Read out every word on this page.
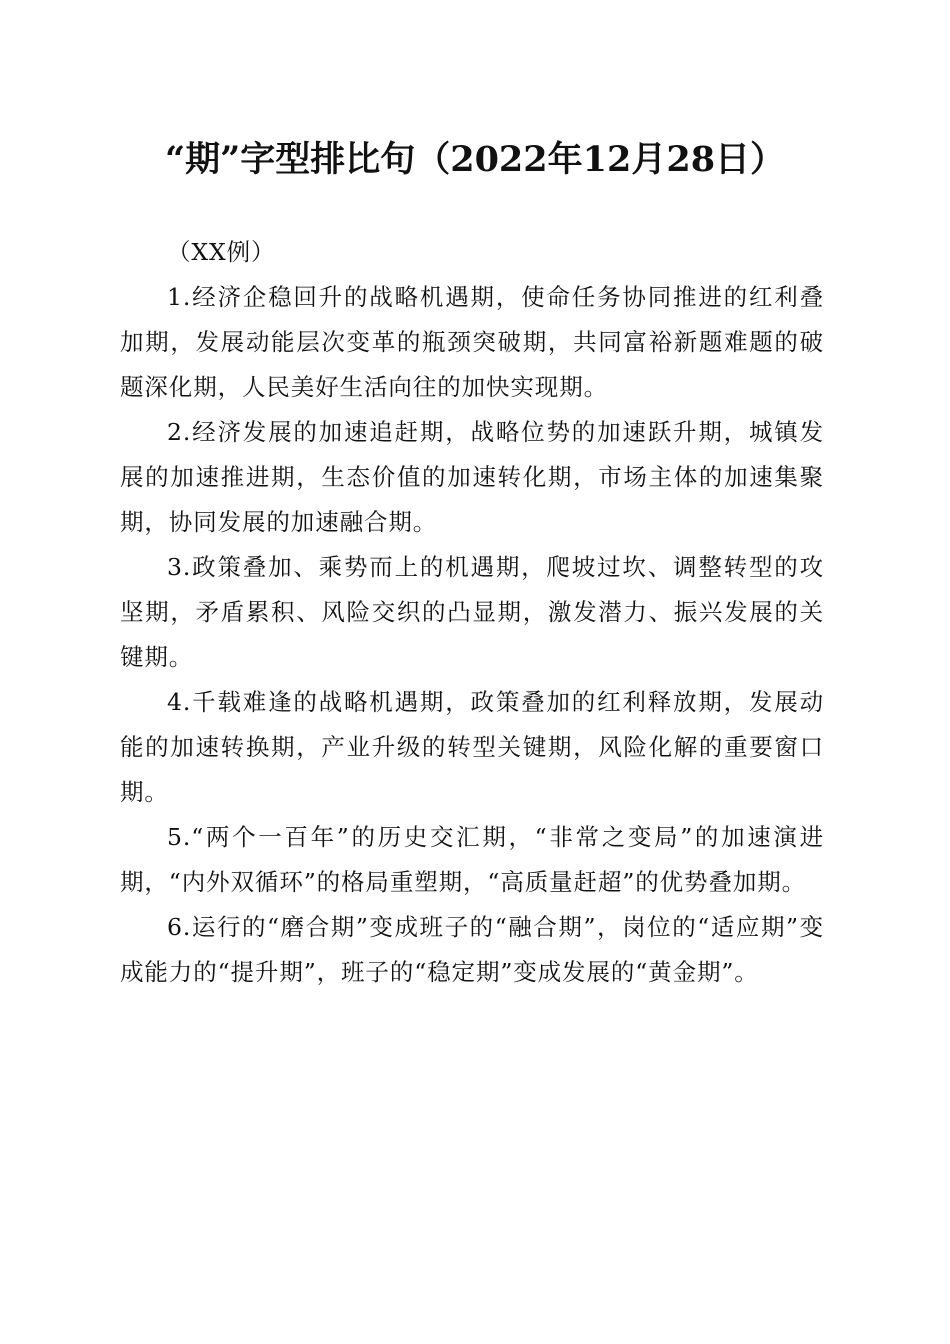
“期”字型排比句（2022年12月28日）

（XX例）

1.经济企稳回升的战略机遇期，使命任务协同推进的红利叠加期，发展动能层次变革的瓶颈突破期，共同富裕新题难题的破题深化期，人民美好生活向往的加快实现期。

2.经济发展的加速追赶期，战略位势的加速跃升期，城镇发展的加速推进期，生态价值的加速转化期，市场主体的加速集聚期，协同发展的加速融合期。

3.政策叠加、乘势而上的机遇期，爬坡过坎、调整转型的攻坚期，矛盾累积、风险交织的凸显期，激发潜力、振兴发展的关键期。

4.千载难逢的战略机遇期，政策叠加的红利释放期，发展动能的加速转换期，产业升级的转型关键期，风险化解的重要窗口期。

5.“两个一百年”的历史交汇期，“非常之变局”的加速演进期，“内外双循环”的格局重塑期，“高质量赶超”的优势叠加期。

6.运行的“磨合期”变成班子的“融合期”，岗位的“适应期”变成能力的“提升期”，班子的“稳定期”变成发展的“黄金期”。
